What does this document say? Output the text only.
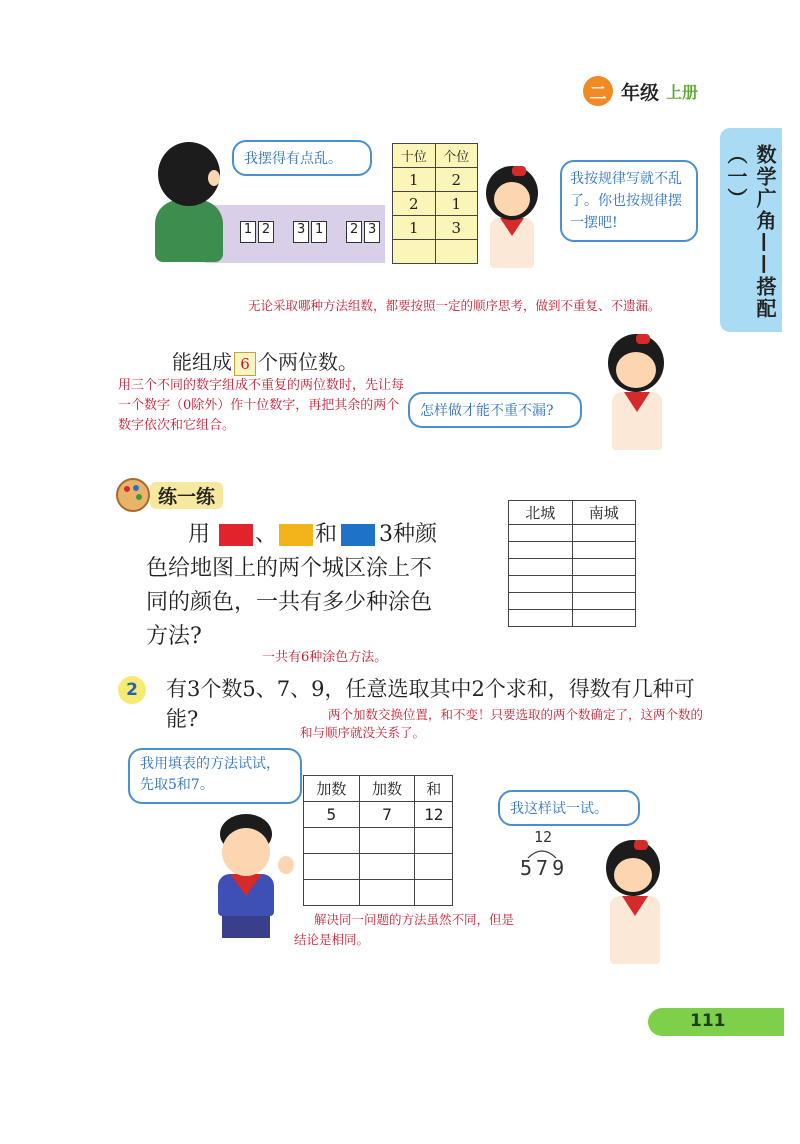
二 年级 上册
数学广角——搭配（一）
1 2 3 1 2 3
我摆得有点乱。	十位	个位
1	2
2	1
1	3

我按规律写就不乱了。你也按规律摆一摆吧!
无论采取哪种方法组数，都要按照一定的顺序思考，做到不重复、不遗漏。
能组成 6 个两位数。
用三个不同的数字组成不重复的两位数时，先让每一个数字（0除外）作十位数字，再把其余的两个数字依次和它组合。
怎样做才能不重不漏?
练一练
用 、 和 3种颜色给地图上的两个城区涂上不同的颜色，一共有多少种涂色方法?
北城	南城

一共有6种涂色方法。
2	有3个数5、7、9，任意选取其中2个求和，得数有几种可能?	两个加数交换位置，和不变！只要选取的两个数确定了，这两个数的和与顺序就没关系了。
我用填表的方法试试，先取5和7。	加数	加数	和
5	7	12

			我这样试一试。
12
579
解决同一问题的方法虽然不同，但是结论是相同。
111
